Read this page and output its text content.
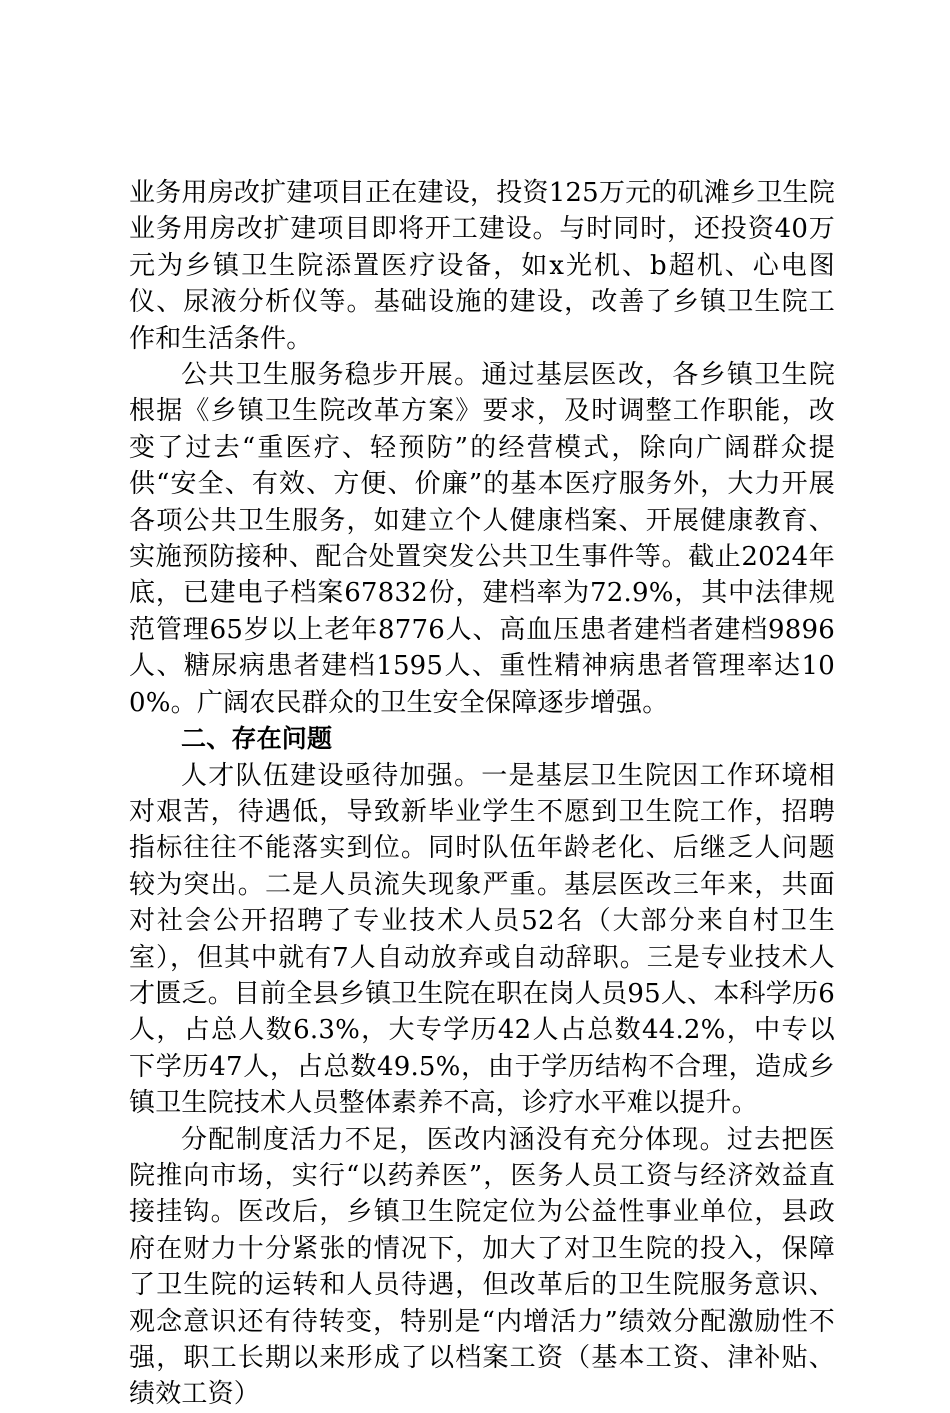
业务用房改扩建项目正在建设，投资125万元的矶滩乡卫生院业务用房改扩建项目即将开工建设。与时同时，还投资40万元为乡镇卫生院添置医疗设备，如x光机、b超机、心电图仪、尿液分析仪等。基础设施的建设，改善了乡镇卫生院工作和生活条件。

公共卫生服务稳步开展。通过基层医改，各乡镇卫生院根据《乡镇卫生院改革方案》要求，及时调整工作职能，改变了过去“重医疗、轻预防”的经营模式，除向广阔群众提供“安全、有效、方便、价廉”的基本医疗服务外，大力开展各项公共卫生服务，如建立个人健康档案、开展健康教育、实施预防接种、配合处置突发公共卫生事件等。截止2024年底，已建电子档案67832份，建档率为72.9%，其中法律规范管理65岁以上老年8776人、高血压患者建档者建档9896人、糖尿病患者建档1595人、重性精神病患者管理率达100%。广阔农民群众的卫生安全保障逐步增强。

二、存在问题

人才队伍建设亟待加强。一是基层卫生院因工作环境相对艰苦，待遇低，导致新毕业学生不愿到卫生院工作，招聘指标往往不能落实到位。同时队伍年龄老化、后继乏人问题较为突出。二是人员流失现象严重。基层医改三年来，共面对社会公开招聘了专业技术人员52名（大部分来自村卫生室），但其中就有7人自动放弃或自动辞职。三是专业技术人才匮乏。目前全县乡镇卫生院在职在岗人员95人、本科学历6人，占总人数6.3%，大专学历42人占总数44.2%，中专以下学历47人，占总数49.5%，由于学历结构不合理，造成乡镇卫生院技术人员整体素养不高，诊疗水平难以提升。

分配制度活力不足，医改内涵没有充分体现。过去把医院推向市场，实行“以药养医”，医务人员工资与经济效益直接挂钩。医改后，乡镇卫生院定位为公益性事业单位，县政府在财力十分紧张的情况下，加大了对卫生院的投入，保障了卫生院的运转和人员待遇，但改革后的卫生院服务意识、观念意识还有待转变，特别是“内增活力”绩效分配激励性不强，职工长期以来形成了以档案工资（基本工资、津补贴、绩效工资）
